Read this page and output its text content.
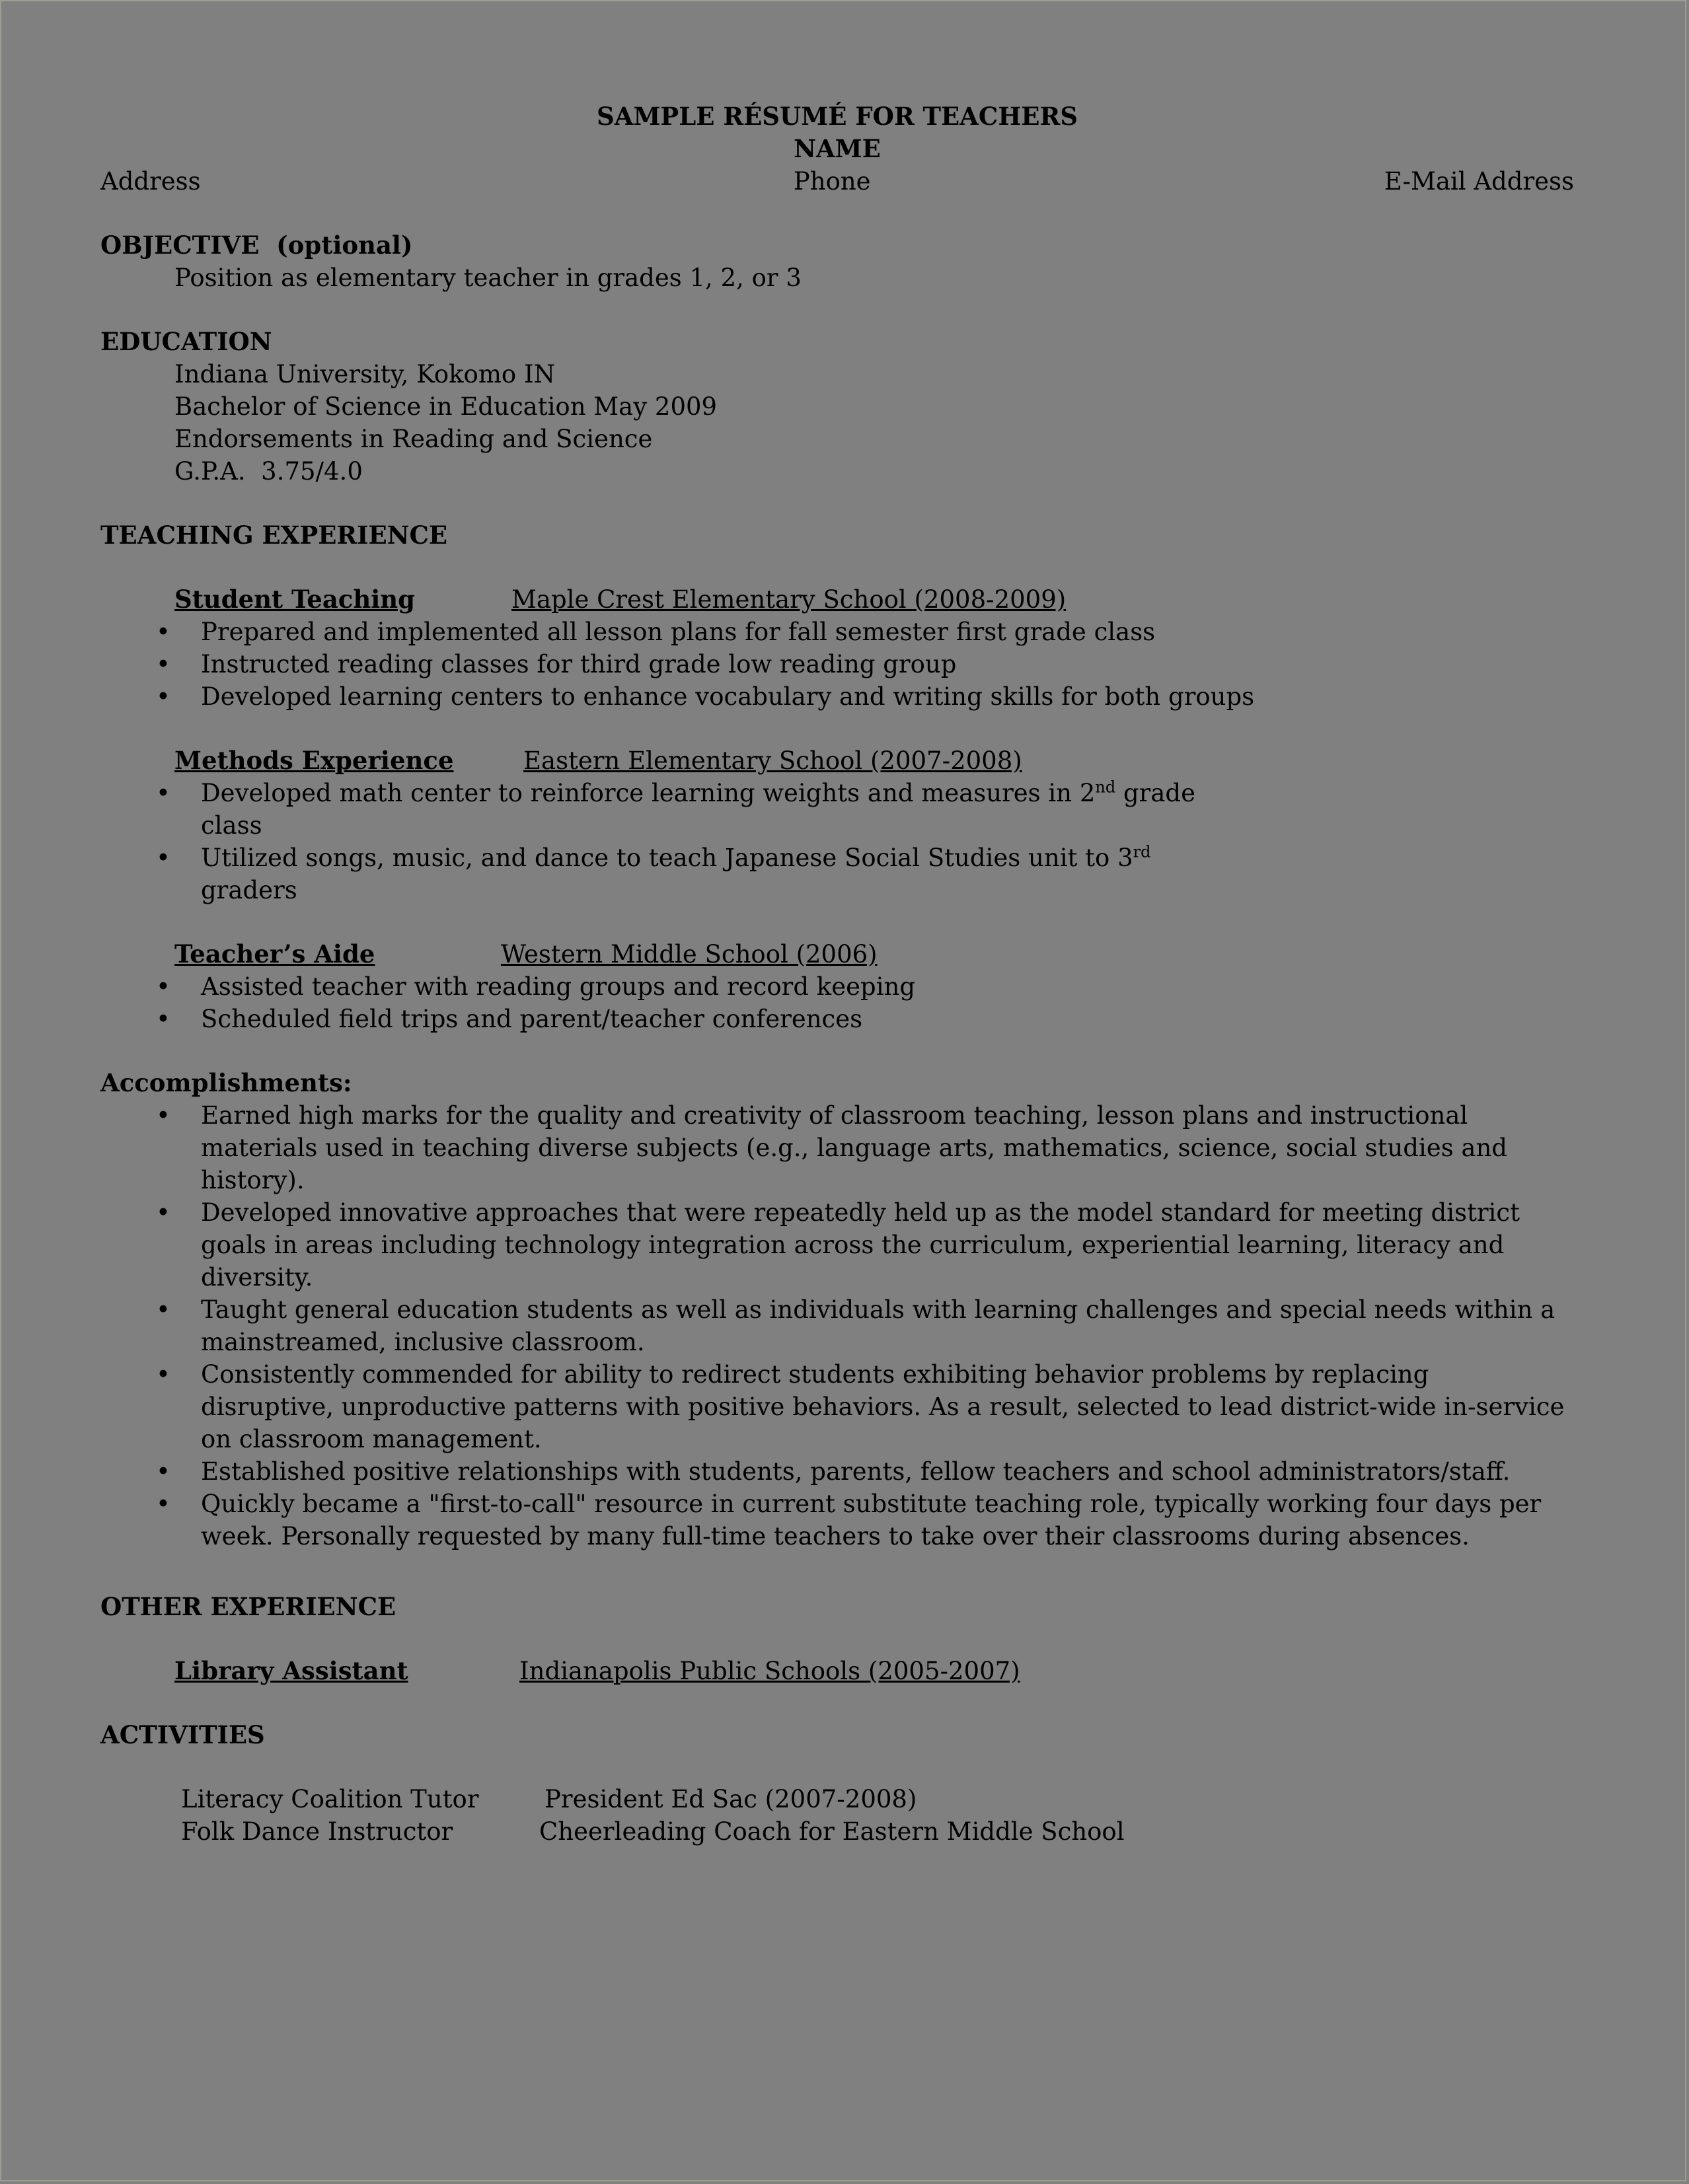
SAMPLE RÉSUMÉ FOR TEACHERS
NAME
Address	Phone	E-Mail Address
OBJECTIVE  (optional)
Position as elementary teacher in grades 1, 2, or 3
EDUCATION
Indiana University, Kokomo IN
Bachelor of Science in Education May 2009
Endorsements in Reading and Science
G.P.A.  3.75/4.0
TEACHING EXPERIENCE
Student Teaching	Maple Crest Elementary School (2008-2009)
• Prepared and implemented all lesson plans for fall semester first grade class
• Instructed reading classes for third grade low reading group
• Developed learning centers to enhance vocabulary and writing skills for both groups
Methods Experience	Eastern Elementary School (2007-2008)
• Developed math center to reinforce learning weights and measures in 2nd grade
class
• Utilized songs, music, and dance to teach Japanese Social Studies unit to 3rd
graders
Teacher’s Aide	Western Middle School (2006)
• Assisted teacher with reading groups and record keeping
• Scheduled field trips and parent/teacher conferences
Accomplishments:
• Earned high marks for the quality and creativity of classroom teaching, lesson plans and instructional materials used in teaching diverse subjects (e.g., language arts, mathematics, science, social studies and history).
• Developed innovative approaches that were repeatedly held up as the model standard for meeting district goals in areas including technology integration across the curriculum, experiential learning, literacy and diversity.
• Taught general education students as well as individuals with learning challenges and special needs within a mainstreamed, inclusive classroom.
• Consistently commended for ability to redirect students exhibiting behavior problems by replacing disruptive, unproductive patterns with positive behaviors. As a result, selected to lead district-wide in-service on classroom management.
• Established positive relationships with students, parents, fellow teachers and school administrators/staff.
• Quickly became a "first-to-call" resource in current substitute teaching role, typically working four days per week. Personally requested by many full-time teachers to take over their classrooms during absences.
OTHER EXPERIENCE
Library Assistant	Indianapolis Public Schools (2005-2007)
ACTIVITIES
Literacy Coalition Tutor	President Ed Sac (2007-2008)
Folk Dance Instructor	Cheerleading Coach for Eastern Middle School
